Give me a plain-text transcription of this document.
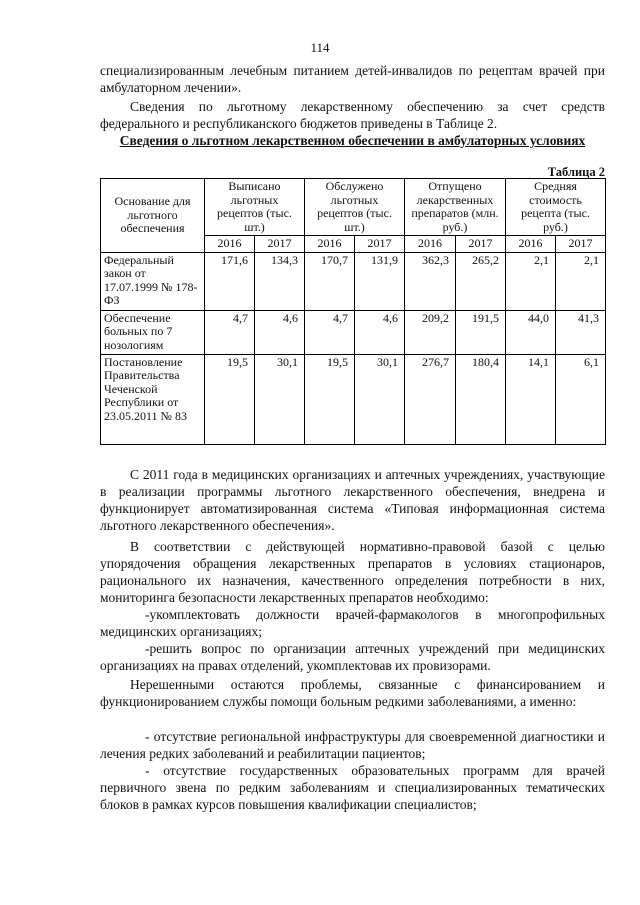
114
специализированным лечебным питанием детей-инвалидов по рецептам врачей при амбулаторном лечении».
Сведения по льготному лекарственному обеспечению за счет средств федерального и республиканского бюджетов приведены в Таблице 2.
Сведения о льготном лекарственном обеспечении в амбулаторных условиях
Таблица 2
Основание для льготного обеспечения	Выписано льготных рецептов (тыс. шт.)		Обслужено льготных рецептов (тыс. шт.)		Отпущено лекарственных препаратов (млн. руб.)		Средняя стоимость рецепта (тыс. руб.)	
	2016	2017	2016	2017	2016	2017	2016	2017
Федеральный закон от 17.07.1999 № 178-ФЗ	171,6	134,3	170,7	131,9	362,3	265,2	2,1	2,1
Обеспечение больных по 7 нозологиям	4,7	4,6	4,7	4,6	209,2	191,5	44,0	41,3
Постановление Правительства Чеченской Республики от 23.05.2011 № 83	19,5	30,1	19,5	30,1	276,7	180,4	14,1	6,1
С 2011 года в медицинских организациях и аптечных учреждениях, участвующие в реализации программы льготного лекарственного обеспечения, внедрена и функционирует автоматизированная система «Типовая информационная система льготного лекарственного обеспечения».
В соответствии с действующей нормативно-правовой базой с целью упорядочения обращения лекарственных препаратов в условиях стационаров, рационального их назначения, качественного определения потребности в них, мониторинга безопасности лекарственных препаратов необходимо:
-укомплектовать должности врачей-фармакологов в многопрофильных медицинских организациях;
-решить вопрос по организации аптечных учреждений при медицинских организациях на правах отделений, укомплектовав их провизорами.
Нерешенными остаются проблемы, связанные с финансированием и функционированием службы помощи больным редкими заболеваниями, а именно:
- отсутствие региональной инфраструктуры для своевременной диагностики и лечения редких заболеваний и реабилитации пациентов;
- отсутствие государственных образовательных программ для врачей первичного звена по редким заболеваниям и специализированных тематических блоков в рамках курсов повышения квалификации специалистов;
